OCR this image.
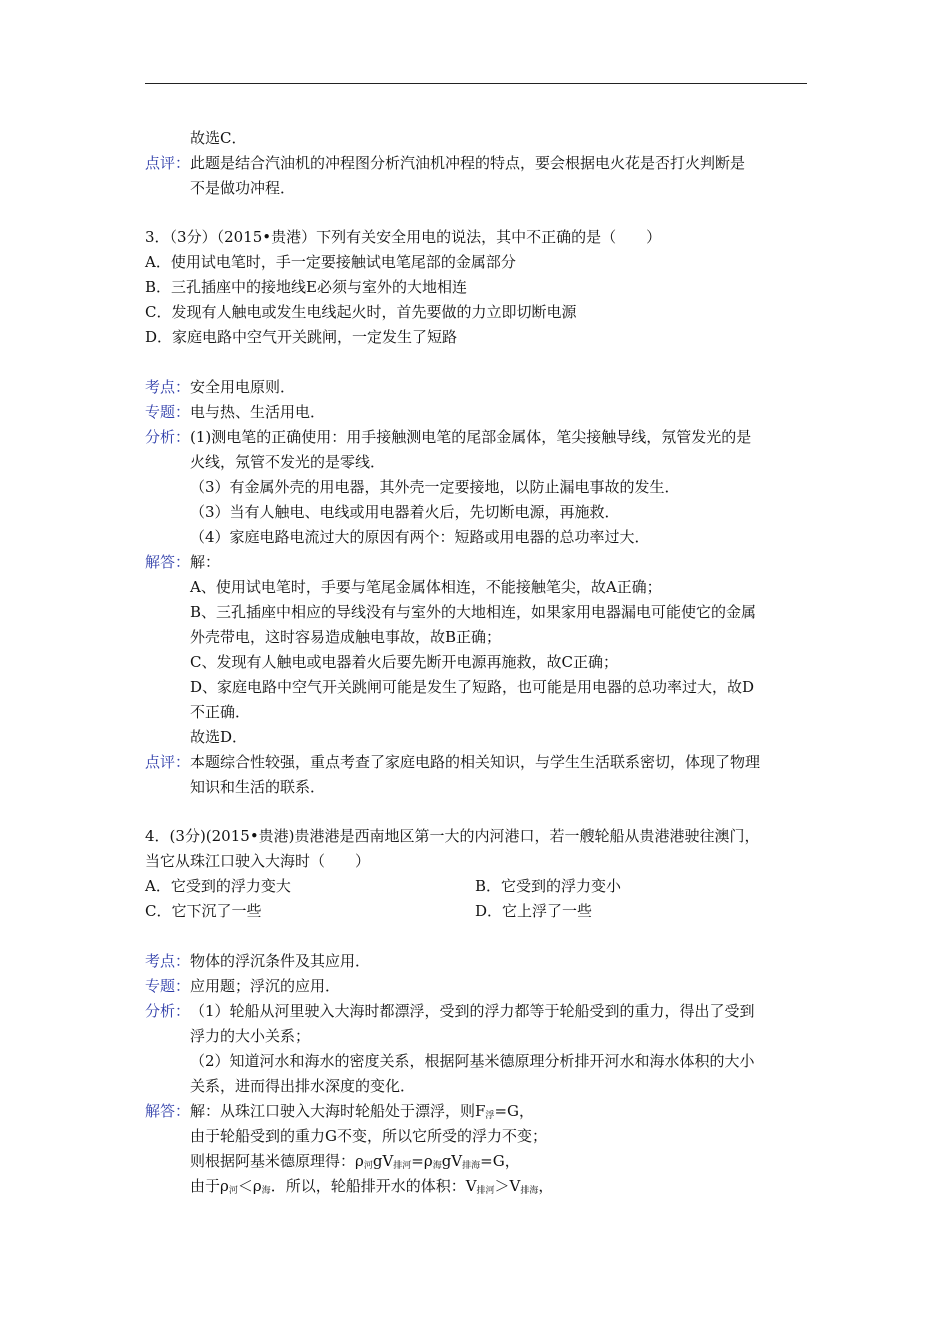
故选C．
点评： 此题是结合汽油机的冲程图分析汽油机冲程的特点，要会根据电火花是否打火判断是
不是做功冲程．
3．（3分）（2015•贵港）下列有关安全用电的说法，其中不正确的是（　　）
A．使用试电笔时，手一定要接触试电笔尾部的金属部分
B．三孔插座中的接地线E必须与室外的大地相连
C．发现有人触电或发生电线起火时，首先要做的力立即切断电源
D．家庭电路中空气开关跳闸，一定发生了短路
考点： 安全用电原则．
专题： 电与热、生活用电．
分析： (1)测电笔的正确使用：用手接触测电笔的尾部金属体，笔尖接触导线，氖管发光的是
火线，氖管不发光的是零线．
（3）有金属外壳的用电器，其外壳一定要接地，以防止漏电事故的发生．
（3）当有人触电、电线或用电器着火后，先切断电源，再施救．
（4）家庭电路电流过大的原因有两个：短路或用电器的总功率过大．
解答： 解：
A、使用试电笔时，手要与笔尾金属体相连，不能接触笔尖，故A正确；
B、三孔插座中相应的导线没有与室外的大地相连，如果家用电器漏电可能使它的金属
外壳带电，这时容易造成触电事故，故B正确；
C、发现有人触电或电器着火后要先断开电源再施救，故C正确；
D、家庭电路中空气开关跳闸可能是发生了短路，也可能是用电器的总功率过大，故D
不正确．
故选D．
点评： 本题综合性较强，重点考查了家庭电路的相关知识，与学生生活联系密切，体现了物理
知识和生活的联系．
4．(3分)(2015•贵港)贵港港是西南地区第一大的内河港口，若一艘轮船从贵港港驶往澳门，
当它从珠江口驶入大海时（　　）
A．它受到的浮力变大	B．它受到的浮力变小
C．它下沉了一些	D．它上浮了一些
考点： 物体的浮沉条件及其应用．
专题： 应用题；浮沉的应用．
分析： （1）轮船从河里驶入大海时都漂浮，受到的浮力都等于轮船受到的重力，得出了受到
浮力的大小关系；
（2）知道河水和海水的密度关系，根据阿基米德原理分析排开河水和海水体积的大小
关系，进而得出排水深度的变化．
解答： 解：从珠江口驶入大海时轮船处于漂浮，则$F_浮=G$，
由于轮船受到的重力G不变，所以它所受的浮力不变；
则根据阿基米德原理得：$\rho_河gV_{排河}=\rho_海gV_{排海}=G$，
由于$\rho_河<\rho_海$．所以，轮船排开水的体积：$V_{排河}>V_{排海}$，
